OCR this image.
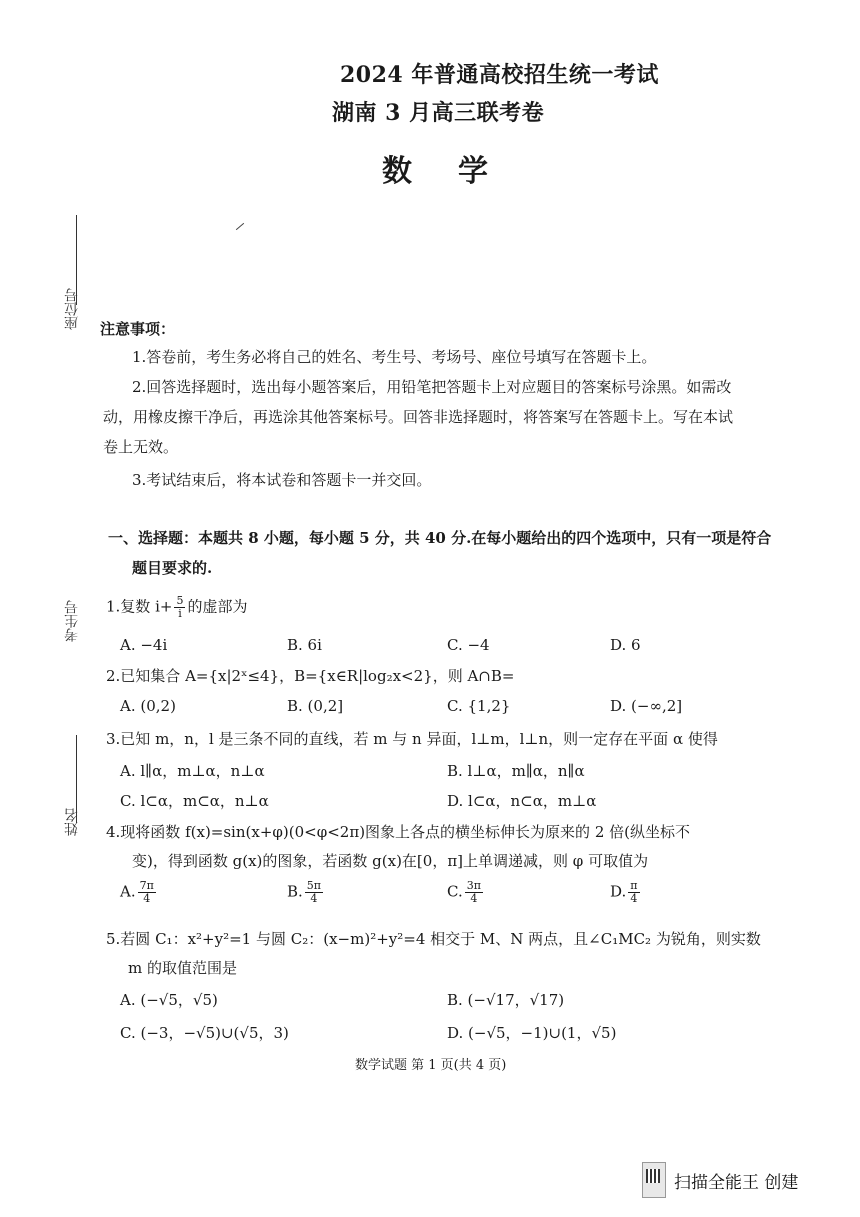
2024 年普通高校招生统一考试
湖南 3 月高三联考卷
数学
座位号
考生号
姓名
注意事项：
1.答卷前，考生务必将自己的姓名、考生号、考场号、座位号填写在答题卡上。
2.回答选择题时，选出每小题答案后，用铅笔把答题卡上对应题目的答案标号涂黑。如需改
动，用橡皮擦干净后，再选涂其他答案标号。回答非选择题时，将答案写在答题卡上。写在本试
卷上无效。
3.考试结束后，将本试卷和答题卡一并交回。
一、选择题：本题共 8 小题，每小题 5 分，共 40 分.在每小题给出的四个选项中，只有一项是符合
题目要求的.
1.复数 $i+ \frac{5}{i}$ 的虚部为
A. −4i	B. 6i	C. −4	D. 6
2.已知集合 A={x|2ˣ≤4}，B={x∈R|log₂x<2}，则 A∩B=
A. (0,2)	B. (0,2]	C. {1,2}	D. (−∞,2]
3.已知 m，n，l 是三条不同的直线，若 m 与 n 异面，l⊥m，l⊥n，则一定存在平面 α 使得
A. l∥α，m⊥α，n⊥α	B. l⊥α，m∥α，n∥α
C. l⊂α，m⊂α，n⊥α	D. l⊂α，n⊂α，m⊥α
4.现将函数 f(x)=sin(x+φ)(0<φ<2π)图象上各点的横坐标伸长为原来的 2 倍(纵坐标不
变)，得到函数 g(x)的图象，若函数 g(x)在[0，π]上单调递减，则 φ 可取值为
A. $\frac{7\pi}{4}$	B. $\frac{5\pi}{4}$	C. $\frac{3\pi}{4}$	D. $\frac{\pi}{4}$
5.若圆 C₁：x²+y²=1 与圆 C₂：(x−m)²+y²=4 相交于 M、N 两点，且∠C₁MC₂ 为锐角，则实数
m 的取值范围是
A. (−√5，√5)	B. (−√17，√17)
C. (−3，−√5)∪(√5，3)	D. (−√5，−1)∪(1，√5)
数学试题 第 1 页(共 4 页)
扫描全能王 创建
